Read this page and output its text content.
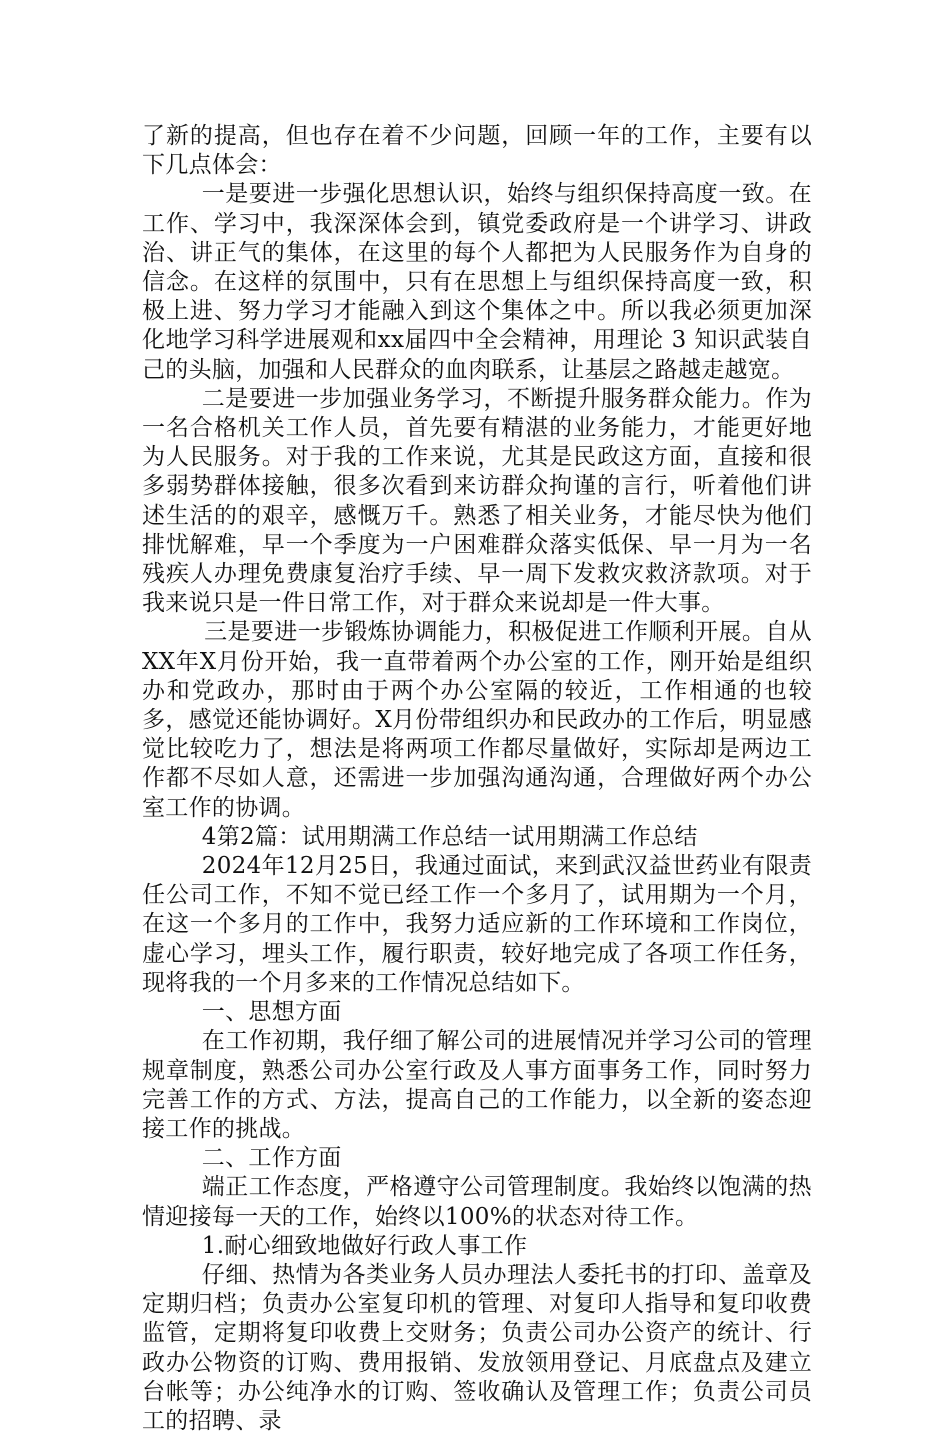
了新的提高，但也存在着不少问题，回顾一年的工作，主要有以下几点体会：

一是要进一步强化思想认识，始终与组织保持高度一致。在工作、学习中，我深深体会到，镇党委政府是一个讲学习、讲政治、讲正气的集体，在这里的每个人都把为人民服务作为自身的信念。在这样的氛围中，只有在思想上与组织保持高度一致，积极上进、努力学习才能融入到这个集体之中。所以我必须更加深化地学习科学进展观和xx届四中全会精神，用理论 3 知识武装自己的头脑，加强和人民群众的血肉联系，让基层之路越走越宽。

二是要进一步加强业务学习，不断提升服务群众能力。作为一名合格机关工作人员，首先要有精湛的业务能力，才能更好地为人民服务。对于我的工作来说，尤其是民政这方面，直接和很多弱势群体接触，很多次看到来访群众拘谨的言行，听着他们讲述生活的的艰辛，感慨万千。熟悉了相关业务，才能尽快为他们排忧解难，早一个季度为一户困难群众落实低保、早一月为一名残疾人办理免费康复治疗手续、早一周下发救灾救济款项。对于我来说只是一件日常工作，对于群众来说却是一件大事。

三是要进一步锻炼协调能力，积极促进工作顺利开展。自从XX年X月份开始，我一直带着两个办公室的工作，刚开始是组织办和党政办，那时由于两个办公室隔的较近，工作相通的也较多，感觉还能协调好。X月份带组织办和民政办的工作后，明显感觉比较吃力了，想法是将两项工作都尽量做好，实际却是两边工作都不尽如人意，还需进一步加强沟通沟通，合理做好两个办公室工作的协调。

4第2篇：试用期满工作总结一试用期满工作总结

2024年12月25日，我通过面试，来到武汉益世药业有限责任公司工作，不知不觉已经工作一个多月了，试用期为一个月，在这一个多月的工作中，我努力适应新的工作环境和工作岗位，虚心学习，埋头工作，履行职责，较好地完成了各项工作任务，现将我的一个月多来的工作情况总结如下。

一、思想方面

在工作初期，我仔细了解公司的进展情况并学习公司的管理规章制度，熟悉公司办公室行政及人事方面事务工作，同时努力完善工作的方式、方法，提高自己的工作能力，以全新的姿态迎接工作的挑战。

二、工作方面

端正工作态度，严格遵守公司管理制度。我始终以饱满的热情迎接每一天的工作，始终以100%的状态对待工作。

1.耐心细致地做好行政人事工作

仔细、热情为各类业务人员办理法人委托书的打印、盖章及定期归档；负责办公室复印机的管理、对复印人指导和复印收费监管，定期将复印收费上交财务；负责公司办公资产的统计、行政办公物资的订购、费用报销、发放领用登记、月底盘点及建立台帐等；办公纯净水的订购、签收确认及管理工作；负责公司员工的招聘、录
